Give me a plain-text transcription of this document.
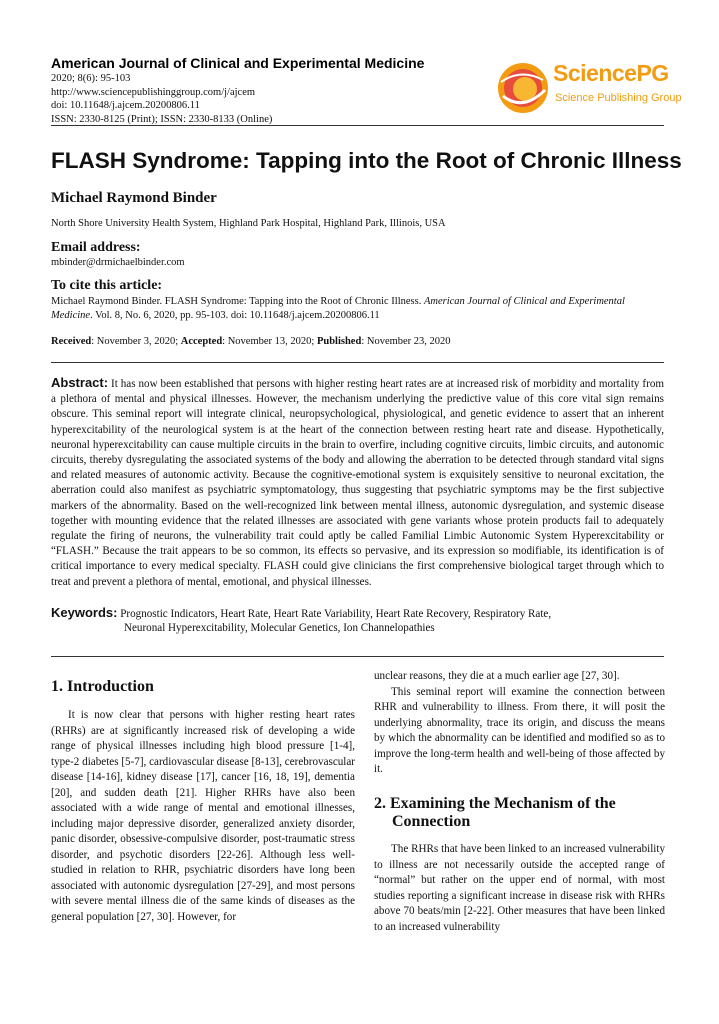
American Journal of Clinical and Experimental Medicine
2020; 8(6): 95-103
http://www.sciencepublishinggroup.com/j/ajcem
doi: 10.11648/j.ajcem.20200806.11
ISSN: 2330-8125 (Print); ISSN: 2330-8133 (Online)
SciencePG
Science Publishing Group
FLASH Syndrome: Tapping into the Root of Chronic Illness
Michael Raymond Binder
North Shore University Health System, Highland Park Hospital, Highland Park, Illinois, USA
Email address:
mbinder@drmichaelbinder.com
To cite this article:
Michael Raymond Binder. FLASH Syndrome: Tapping into the Root of Chronic Illness. American Journal of Clinical and Experimental Medicine. Vol. 8, No. 6, 2020, pp. 95-103. doi: 10.11648/j.ajcem.20200806.11
Received: November 3, 2020; Accepted: November 13, 2020; Published: November 23, 2020
Abstract: It has now been established that persons with higher resting heart rates are at increased risk of morbidity and mortality from a plethora of mental and physical illnesses. However, the mechanism underlying the predictive value of this core vital sign remains obscure. This seminal report will integrate clinical, neuropsychological, physiological, and genetic evidence to assert that an inherent hyperexcitability of the neurological system is at the heart of the connection between resting heart rate and disease. Hypothetically, neuronal hyperexcitability can cause multiple circuits in the brain to overfire, including cognitive circuits, limbic circuits, and autonomic circuits, thereby dysregulating the associated systems of the body and allowing the aberration to be detected through standard vital signs and related measures of autonomic activity. Because the cognitive-emotional system is exquisitely sensitive to neuronal excitation, the aberration could also manifest as psychiatric symptomatology, thus suggesting that psychiatric symptoms may be the first subjective markers of the abnormality. Based on the well-recognized link between mental illness, autonomic dysregulation, and systemic disease together with mounting evidence that the related illnesses are associated with gene variants whose protein products fail to adequately regulate the firing of neurons, the vulnerability trait could aptly be called Familial Limbic Autonomic System Hyperexcitability or “FLASH.” Because the trait appears to be so common, its effects so pervasive, and its expression so modifiable, its identification is of critical importance to every medical specialty. FLASH could give clinicians the first comprehensive biological target through which to treat and prevent a plethora of mental, emotional, and physical illnesses.
Keywords: Prognostic Indicators, Heart Rate, Heart Rate Variability, Heart Rate Recovery, Respiratory Rate,
Neuronal Hyperexcitability, Molecular Genetics, Ion Channelopathies
1. Introduction

It is now clear that persons with higher resting heart rates (RHRs) are at significantly increased risk of developing a wide range of physical illnesses including high blood pressure [1-4], type-2 diabetes [5-7], cardiovascular disease [8-13], cerebrovascular disease [14-16], kidney disease [17], cancer [16, 18, 19], dementia [20], and sudden death [21]. Higher RHRs have also been associated with a wide range of mental and emotional illnesses, including major depressive disorder, generalized anxiety disorder, panic disorder, obsessive-compulsive disorder, post-traumatic stress disorder, and psychotic disorders [22-26]. Although less well-studied in relation to RHR, psychiatric disorders have long been associated with autonomic dysregulation [27-29], and most persons with severe mental illness die of the same kinds of diseases as the general population [27, 30]. However, for

unclear reasons, they die at a much earlier age [27, 30].

This seminal report will examine the connection between RHR and vulnerability to illness. From there, it will posit the underlying abnormality, trace its origin, and discuss the means by which the abnormality can be identified and modified so as to improve the long-term health and well-being of those affected by it.

2. Examining the Mechanism of the
Connection

The RHRs that have been linked to an increased vulnerability to illness are not necessarily outside the accepted range of “normal” but rather on the upper end of normal, with most studies reporting a significant increase in disease risk with RHRs above 70 beats/min [2-22]. Other measures that have been linked to an increased vulnerability
